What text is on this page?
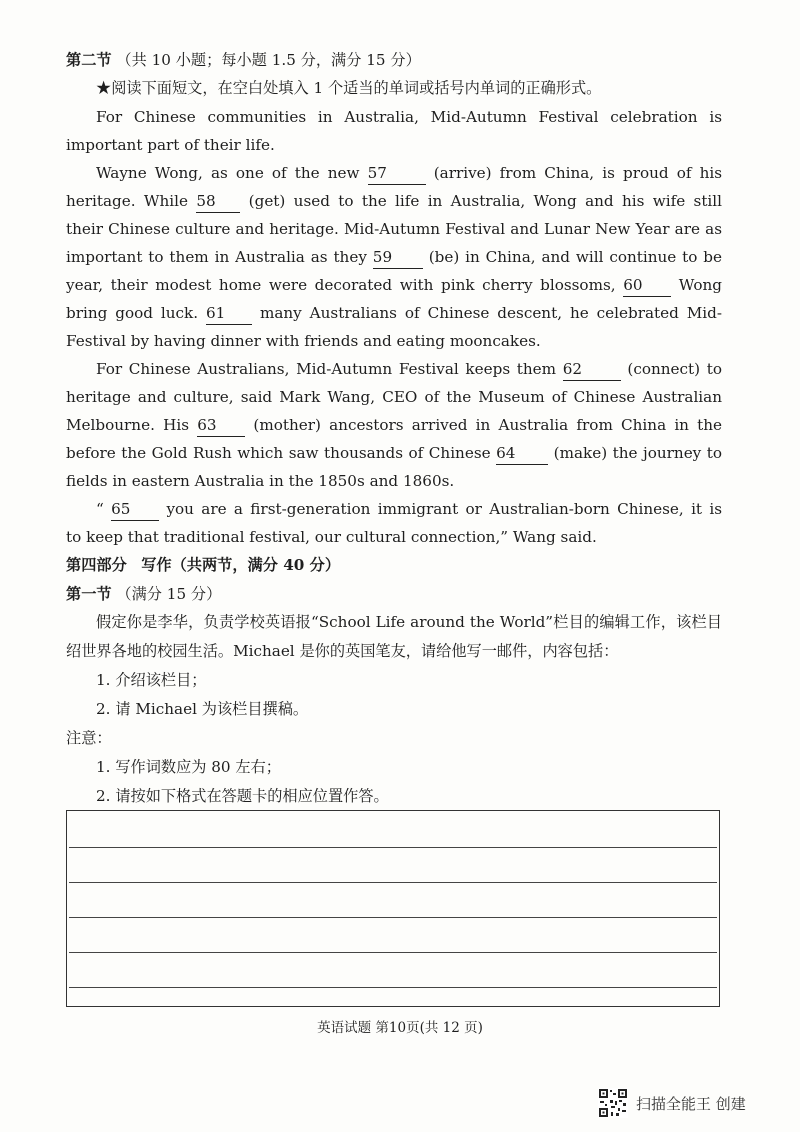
第二节 （共 10 小题；每小题 1.5 分，满分 15 分）
★阅读下面短文，在空白处填入 1 个适当的单词或括号内单词的正确形式。
For Chinese communities in Australia, Mid-Autumn Festival celebration is
important part of their life.
Wayne Wong, as one of the new 57	(arrive) from China, is proud of his
heritage. While 58 (get) used to the life in Australia, Wong and his wife still
their Chinese culture and heritage. Mid-Autumn Festival and Lunar New Year are as
important to them in Australia as they 59 (be) in China, and will continue to be
year, their modest home were decorated with pink cherry blossoms, 60 Wong
bring good luck. 61 many Australians of Chinese descent, he celebrated Mid-
Festival by having dinner with friends and eating mooncakes.
For Chinese Australians, Mid-Autumn Festival keeps them 62	(connect) to
heritage and culture, said Mark Wang, CEO of the Museum of Chinese Australian
Melbourne. His 63 (mother) ancestors arrived in Australia from China in the
before the Gold Rush which saw thousands of Chinese 64	(make) the journey to
fields in eastern Australia in the 1850s and 1860s.
“ 65 you are a first-generation immigrant or Australian-born Chinese, it is
to keep that traditional festival, our cultural connection,” Wang said.
第四部分 写作（共两节，满分 40 分）
第一节 （满分 15 分）
假定你是李华，负责学校英语报“School Life around the World”栏目的编辑工作，该栏目
绍世界各地的校园生活。Michael 是你的英国笔友，请给他写一邮件，内容包括：
1. 介绍该栏目；
2. 请 Michael 为该栏目撰稿。
注意：
1. 写作词数应为 80 左右；
2. 请按如下格式在答题卡的相应位置作答。
英语试题 第10页(共 12 页)
扫描全能王 创建
